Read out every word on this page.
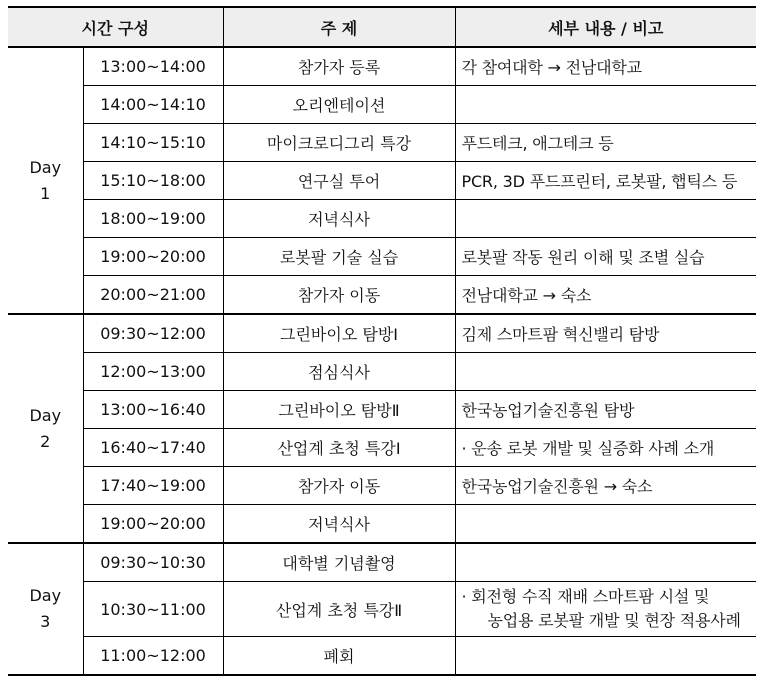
시간 구성		주 제	세부 내용 / 비고
Day
1	13:00~14:00	참가자 등록	각 참여대학 → 전남대학교
	14:00~14:10	오리엔테이션	
	14:10~15:10	마이크로디그리 특강	푸드테크, 애그테크 등
	15:10~18:00	연구실 투어	PCR, 3D 푸드프린터, 로봇팔, 햅틱스 등
	18:00~19:00	저녁식사	
	19:00~20:00	로봇팔 기술 실습	로봇팔 작동 원리 이해 및 조별 실습
	20:00~21:00	참가자 이동	전남대학교 → 숙소
Day
2	09:30~12:00	그린바이오 탐방Ⅰ	김제 스마트팜 혁신밸리 탐방
	12:00~13:00	점심식사	
	13:00~16:40	그린바이오 탐방Ⅱ	한국농업기술진흥원 탐방
	16:40~17:40	산업계 초청 특강Ⅰ	· 운송 로봇 개발 및 실증화 사례 소개
	17:40~19:00	참가자 이동	한국농업기술진흥원 → 숙소
	19:00~20:00	저녁식사	
Day
3	09:30~10:30	대학별 기념촬영	
	10:30~11:00	산업계 초청 특강Ⅱ	· 회전형 수직 재배 스마트팜 시설 및
농업용 로봇팔 개발 및 현장 적용사례

	11:00~12:00	폐회	
